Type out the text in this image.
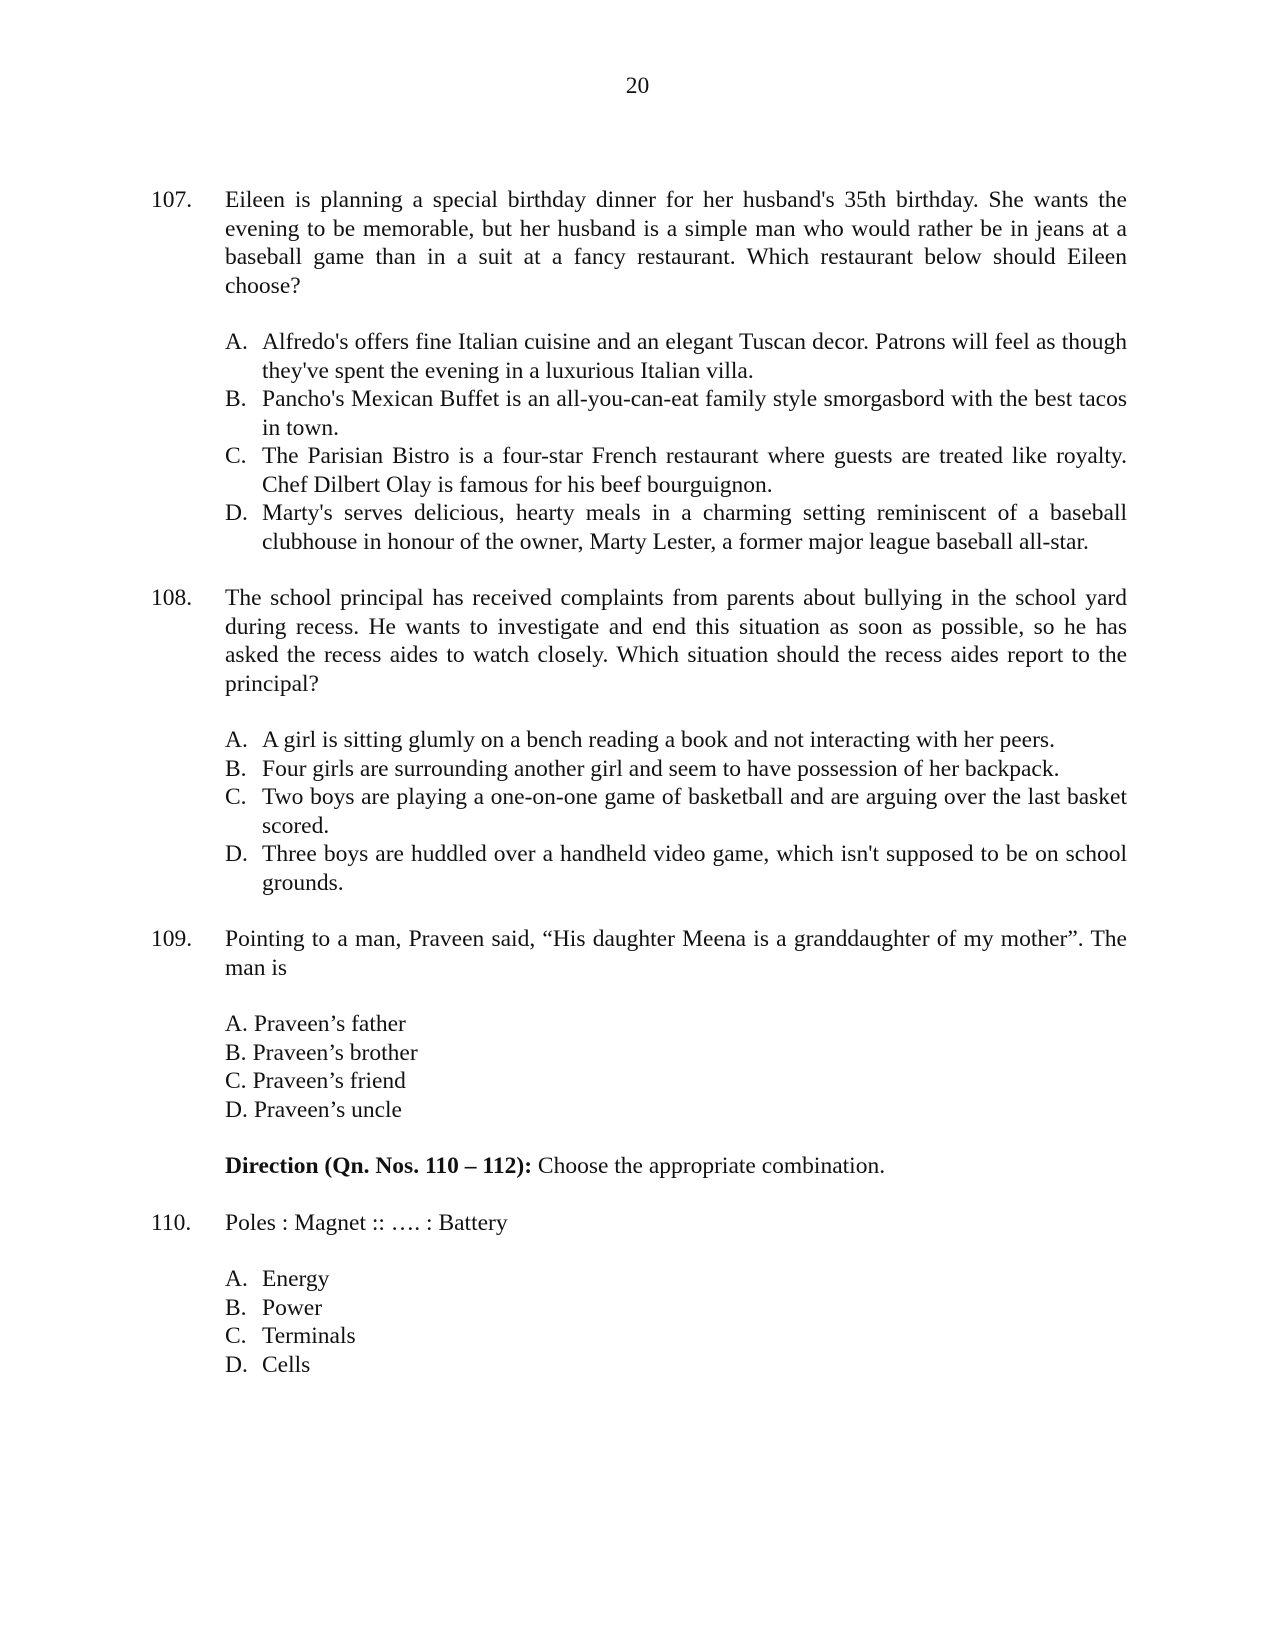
20
107. Eileen is planning a special birthday dinner for her husband's 35th birthday. She wants the evening to be memorable, but her husband is a simple man who would rather be in jeans at a baseball game than in a suit at a fancy restaurant. Which restaurant below should Eileen choose?
A. Alfredo's offers fine Italian cuisine and an elegant Tuscan decor. Patrons will feel as though they've spent the evening in a luxurious Italian villa.
B. Pancho's Mexican Buffet is an all-you-can-eat family style smorgasbord with the best tacos in town.
C. The Parisian Bistro is a four-star French restaurant where guests are treated like royalty. Chef Dilbert Olay is famous for his beef bourguignon.
D. Marty's serves delicious, hearty meals in a charming setting reminiscent of a baseball clubhouse in honour of the owner, Marty Lester, a former major league baseball all-star.
108. The school principal has received complaints from parents about bullying in the school yard during recess. He wants to investigate and end this situation as soon as possible, so he has asked the recess aides to watch closely. Which situation should the recess aides report to the principal?
A. A girl is sitting glumly on a bench reading a book and not interacting with her peers.
B. Four girls are surrounding another girl and seem to have possession of her backpack.
C. Two boys are playing a one-on-one game of basketball and are arguing over the last basket scored.
D. Three boys are huddled over a handheld video game, which isn't supposed to be on school grounds.
109. Pointing to a man, Praveen said, “His daughter Meena is a granddaughter of my mother”. The man is
A. Praveen’s father
B. Praveen’s brother
C. Praveen’s friend
D. Praveen’s uncle
Direction (Qn. Nos. 110 – 112): Choose the appropriate combination.
110. Poles : Magnet :: …. : Battery
A. Energy
B. Power
C. Terminals
D. Cells
